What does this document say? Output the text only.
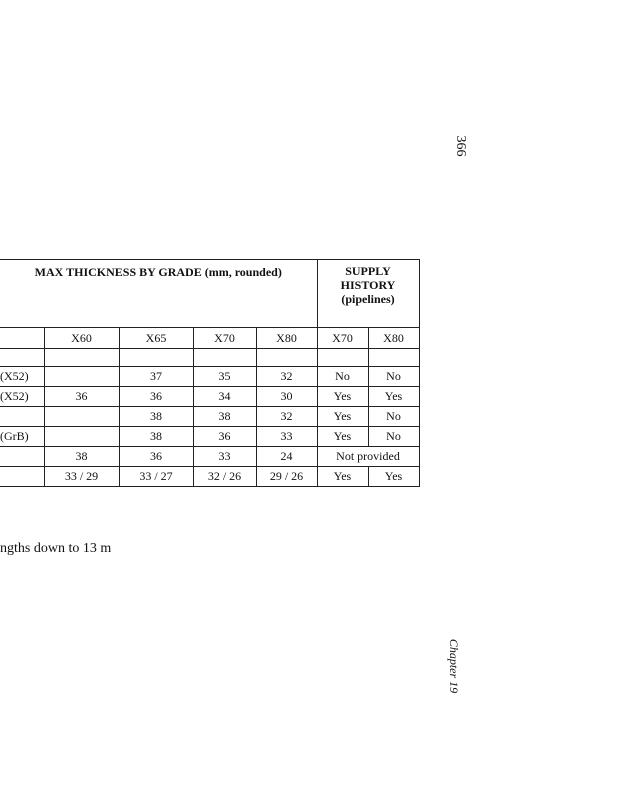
366
MAX THICKNESS BY GRADE (mm, rounded)					SUPPLY
HISTORY
(pipelines)	
	X60	X65	X70	X80	X70	X80

(X52)		37	35	32	No	No
(X52)	36	36	34	30	Yes	Yes
		38	38	32	Yes	No
(GrB)		38	36	33	Yes	No
	38	36	33	24	Not provided	
	33 / 29	33 / 27	32 / 26	29 / 26	Yes	Yes
ngths down to 13 m
Chapter 19
